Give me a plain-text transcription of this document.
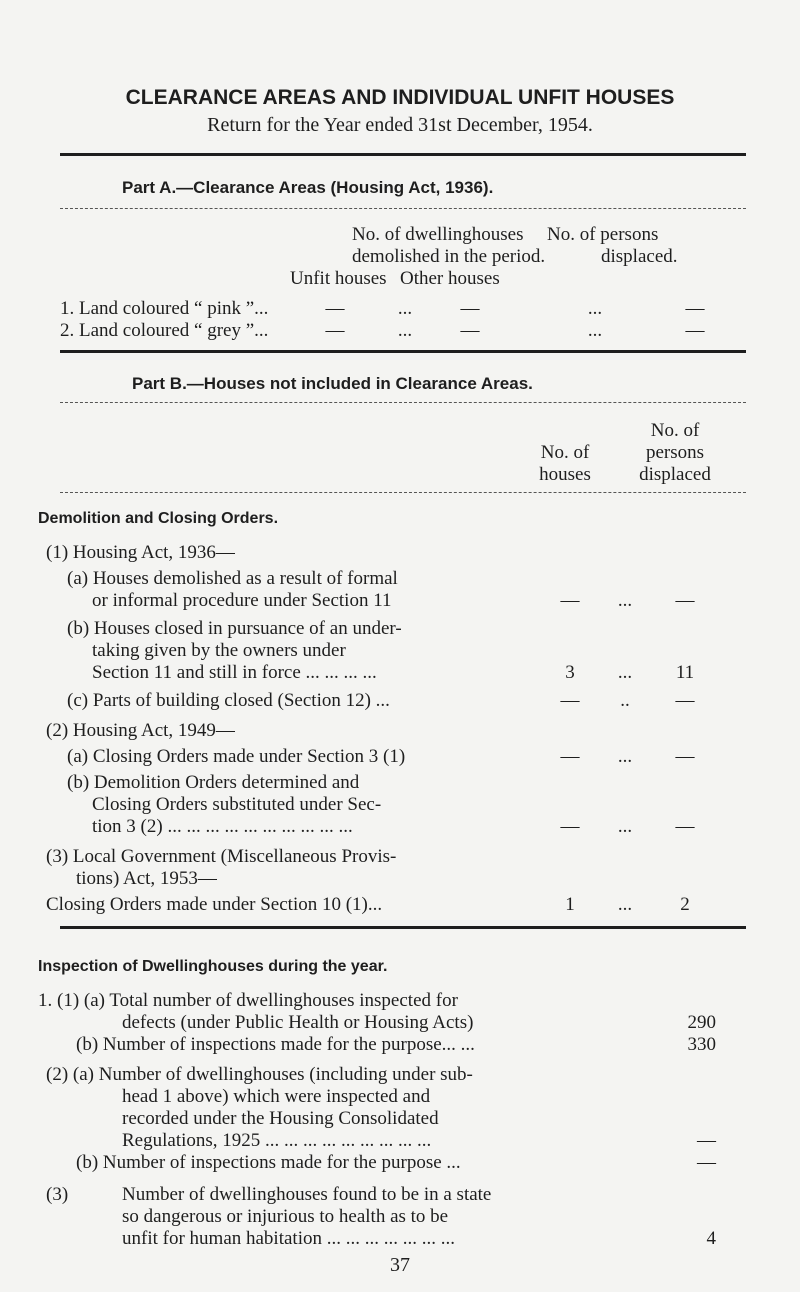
CLEARANCE AREAS AND INDIVIDUAL UNFIT HOUSES
Return for the Year ended 31st December, 1954.
Part A.—Clearance Areas (Housing Act, 1936).
No. of dwellinghouses
demolished in the period.
Unfit houses Other houses
No. of persons
displaced.
1. Land coloured “ pink ”...	—	...	—	...	—
2. Land coloured “ grey ”...	—	...	—	...	—
Part B.—Houses not included in Clearance Areas.
No. of
houses
No. of
persons
displaced
Demolition and Closing Orders.
(1) Housing Act, 1936—
(a) Houses demolished as a result of formal
or informal procedure under Section 11	—	...	—
(b) Houses closed in pursuance of an under-
taking given by the owners under
Section 11 and still in force ... ... ... ...	3	...	11
(c) Parts of building closed (Section 12) ...	—	..	—
(2) Housing Act, 1949—
(a) Closing Orders made under Section 3 (1)	—	...	—
(b) Demolition Orders determined and
Closing Orders substituted under Sec-
tion 3 (2) ... ... ... ... ... ... ... ... ... ...	—	...	—
(3) Local Government (Miscellaneous Provis-
tions) Act, 1953—
Closing Orders made under Section 10 (1)...	1	...	2
Inspection of Dwellinghouses during the year.
1. (1) (a) Total number of dwellinghouses inspected for
defects (under Public Health or Housing Acts)	290
(b) Number of inspections made for the purpose... ...	330
(2) (a) Number of dwellinghouses (including under sub-
head 1 above) which were inspected and
recorded under the Housing Consolidated
Regulations, 1925 ... ... ... ... ... ... ... ... ...	—
(b) Number of inspections made for the purpose ...	—
(3)	Number of dwellinghouses found to be in a state
so dangerous or injurious to health as to be
unfit for human habitation ... ... ... ... ... ... ...	4
37
